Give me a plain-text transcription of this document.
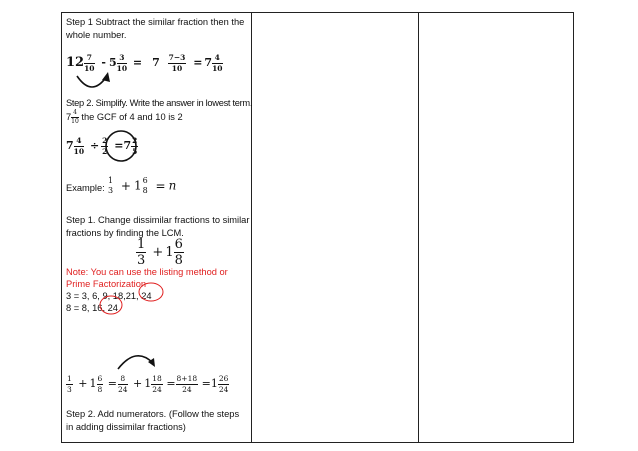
Step 1 Subtract the similar fraction then the
whole number.
$12 \frac{7}{10} - 5 \frac{3}{10} = 7 \frac{7-3}{10} = 7 \frac{4}{10}$
Step 2. Simplify. Write the answer in lowest term.
$7 \frac{4}{10}$ the GCF of 4 and 10 is 2
$7 \frac{4}{10} \div \frac{2}{2} =7 \frac{2}{5}$
Example:
1
3 + 1 6
8 = n
Step 1. Change dissimilar fractions to similar
fractions by finding the LCM.
$\frac{1}{3} + 1 \frac{6}{8}$
Note: You can use the listing method or
Prime Factorization
3 = 3, 6, 9, 18,21, 24
8 = 8, 16, 24
$\frac{1}{3} + 1 \frac{6}{8} = \frac{8}{24} + 1 \frac{18}{24} = \frac{8+18}{24} =1 \frac{26}{24}$
Step 2. Add numerators. (Follow the steps
in adding dissimilar fractions)
